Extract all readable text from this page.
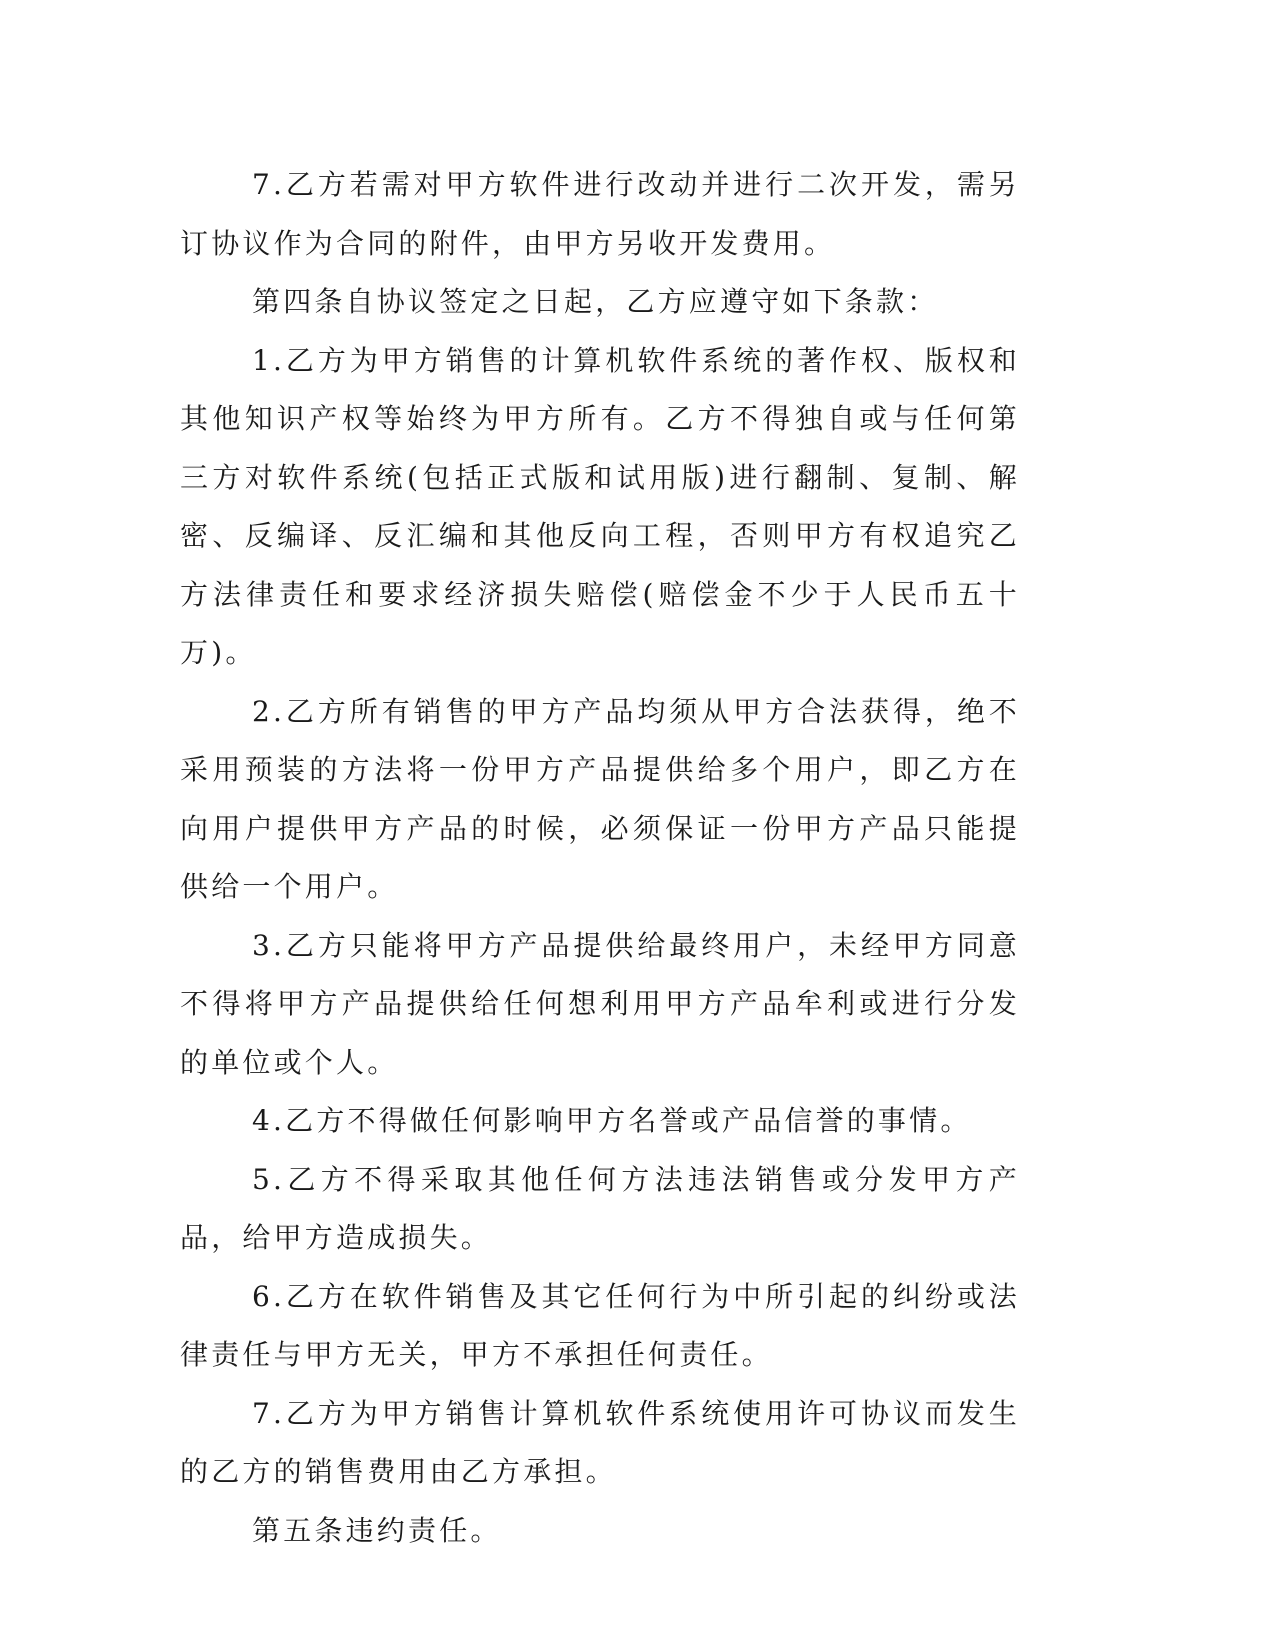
7.乙方若需对甲方软件进行改动并进行二次开发，需另订协议作为合同的附件，由甲方另收开发费用。

第四条自协议签定之日起，乙方应遵守如下条款：

1.乙方为甲方销售的计算机软件系统的著作权、版权和其他知识产权等始终为甲方所有。乙方不得独自或与任何第三方对软件系统(包括正式版和试用版)进行翻制、复制、解密、反编译、反汇编和其他反向工程，否则甲方有权追究乙方法律责任和要求经济损失赔偿(赔偿金不少于人民币五十万)。

2.乙方所有销售的甲方产品均须从甲方合法获得，绝不采用预装的方法将一份甲方产品提供给多个用户，即乙方在向用户提供甲方产品的时候，必须保证一份甲方产品只能提供给一个用户。

3.乙方只能将甲方产品提供给最终用户，未经甲方同意不得将甲方产品提供给任何想利用甲方产品牟利或进行分发的单位或个人。

4.乙方不得做任何影响甲方名誉或产品信誉的事情。

5.乙方不得采取其他任何方法违法销售或分发甲方产品，给甲方造成损失。

6.乙方在软件销售及其它任何行为中所引起的纠纷或法律责任与甲方无关，甲方不承担任何责任。

7.乙方为甲方销售计算机软件系统使用许可协议而发生的乙方的销售费用由乙方承担。

第五条违约责任。
